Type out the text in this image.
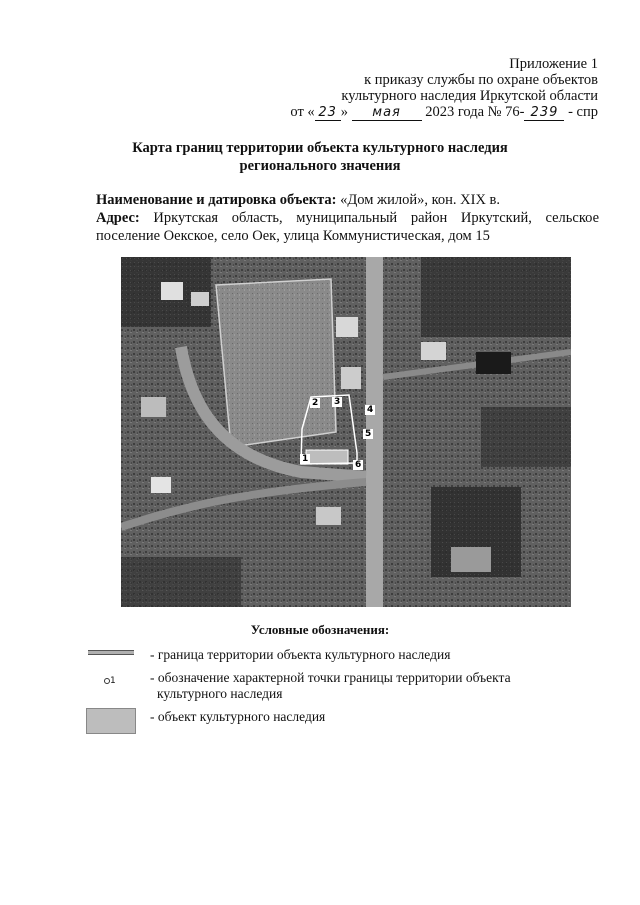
Приложение 1
к приказу службы по охране объектов
культурного наследия Иркутской области
от « 23 » мая 2023 года № 76- 239 - спр
Карта границ территории объекта культурного наследия
регионального значения
Наименование и датировка объекта: «Дом жилой», кон. XIX в.
Адрес: Иркутская область, муниципальный район Иркутский, сельское
поселение Оекское, село Оек, улица Коммунистическая, дом 15
1
2 3
4
5
6
Условные обозначения:
- граница территории объекта культурного наследия
1	- обозначение характерной точки границы территории объекта
культурного наследия
- объект культурного наследия
